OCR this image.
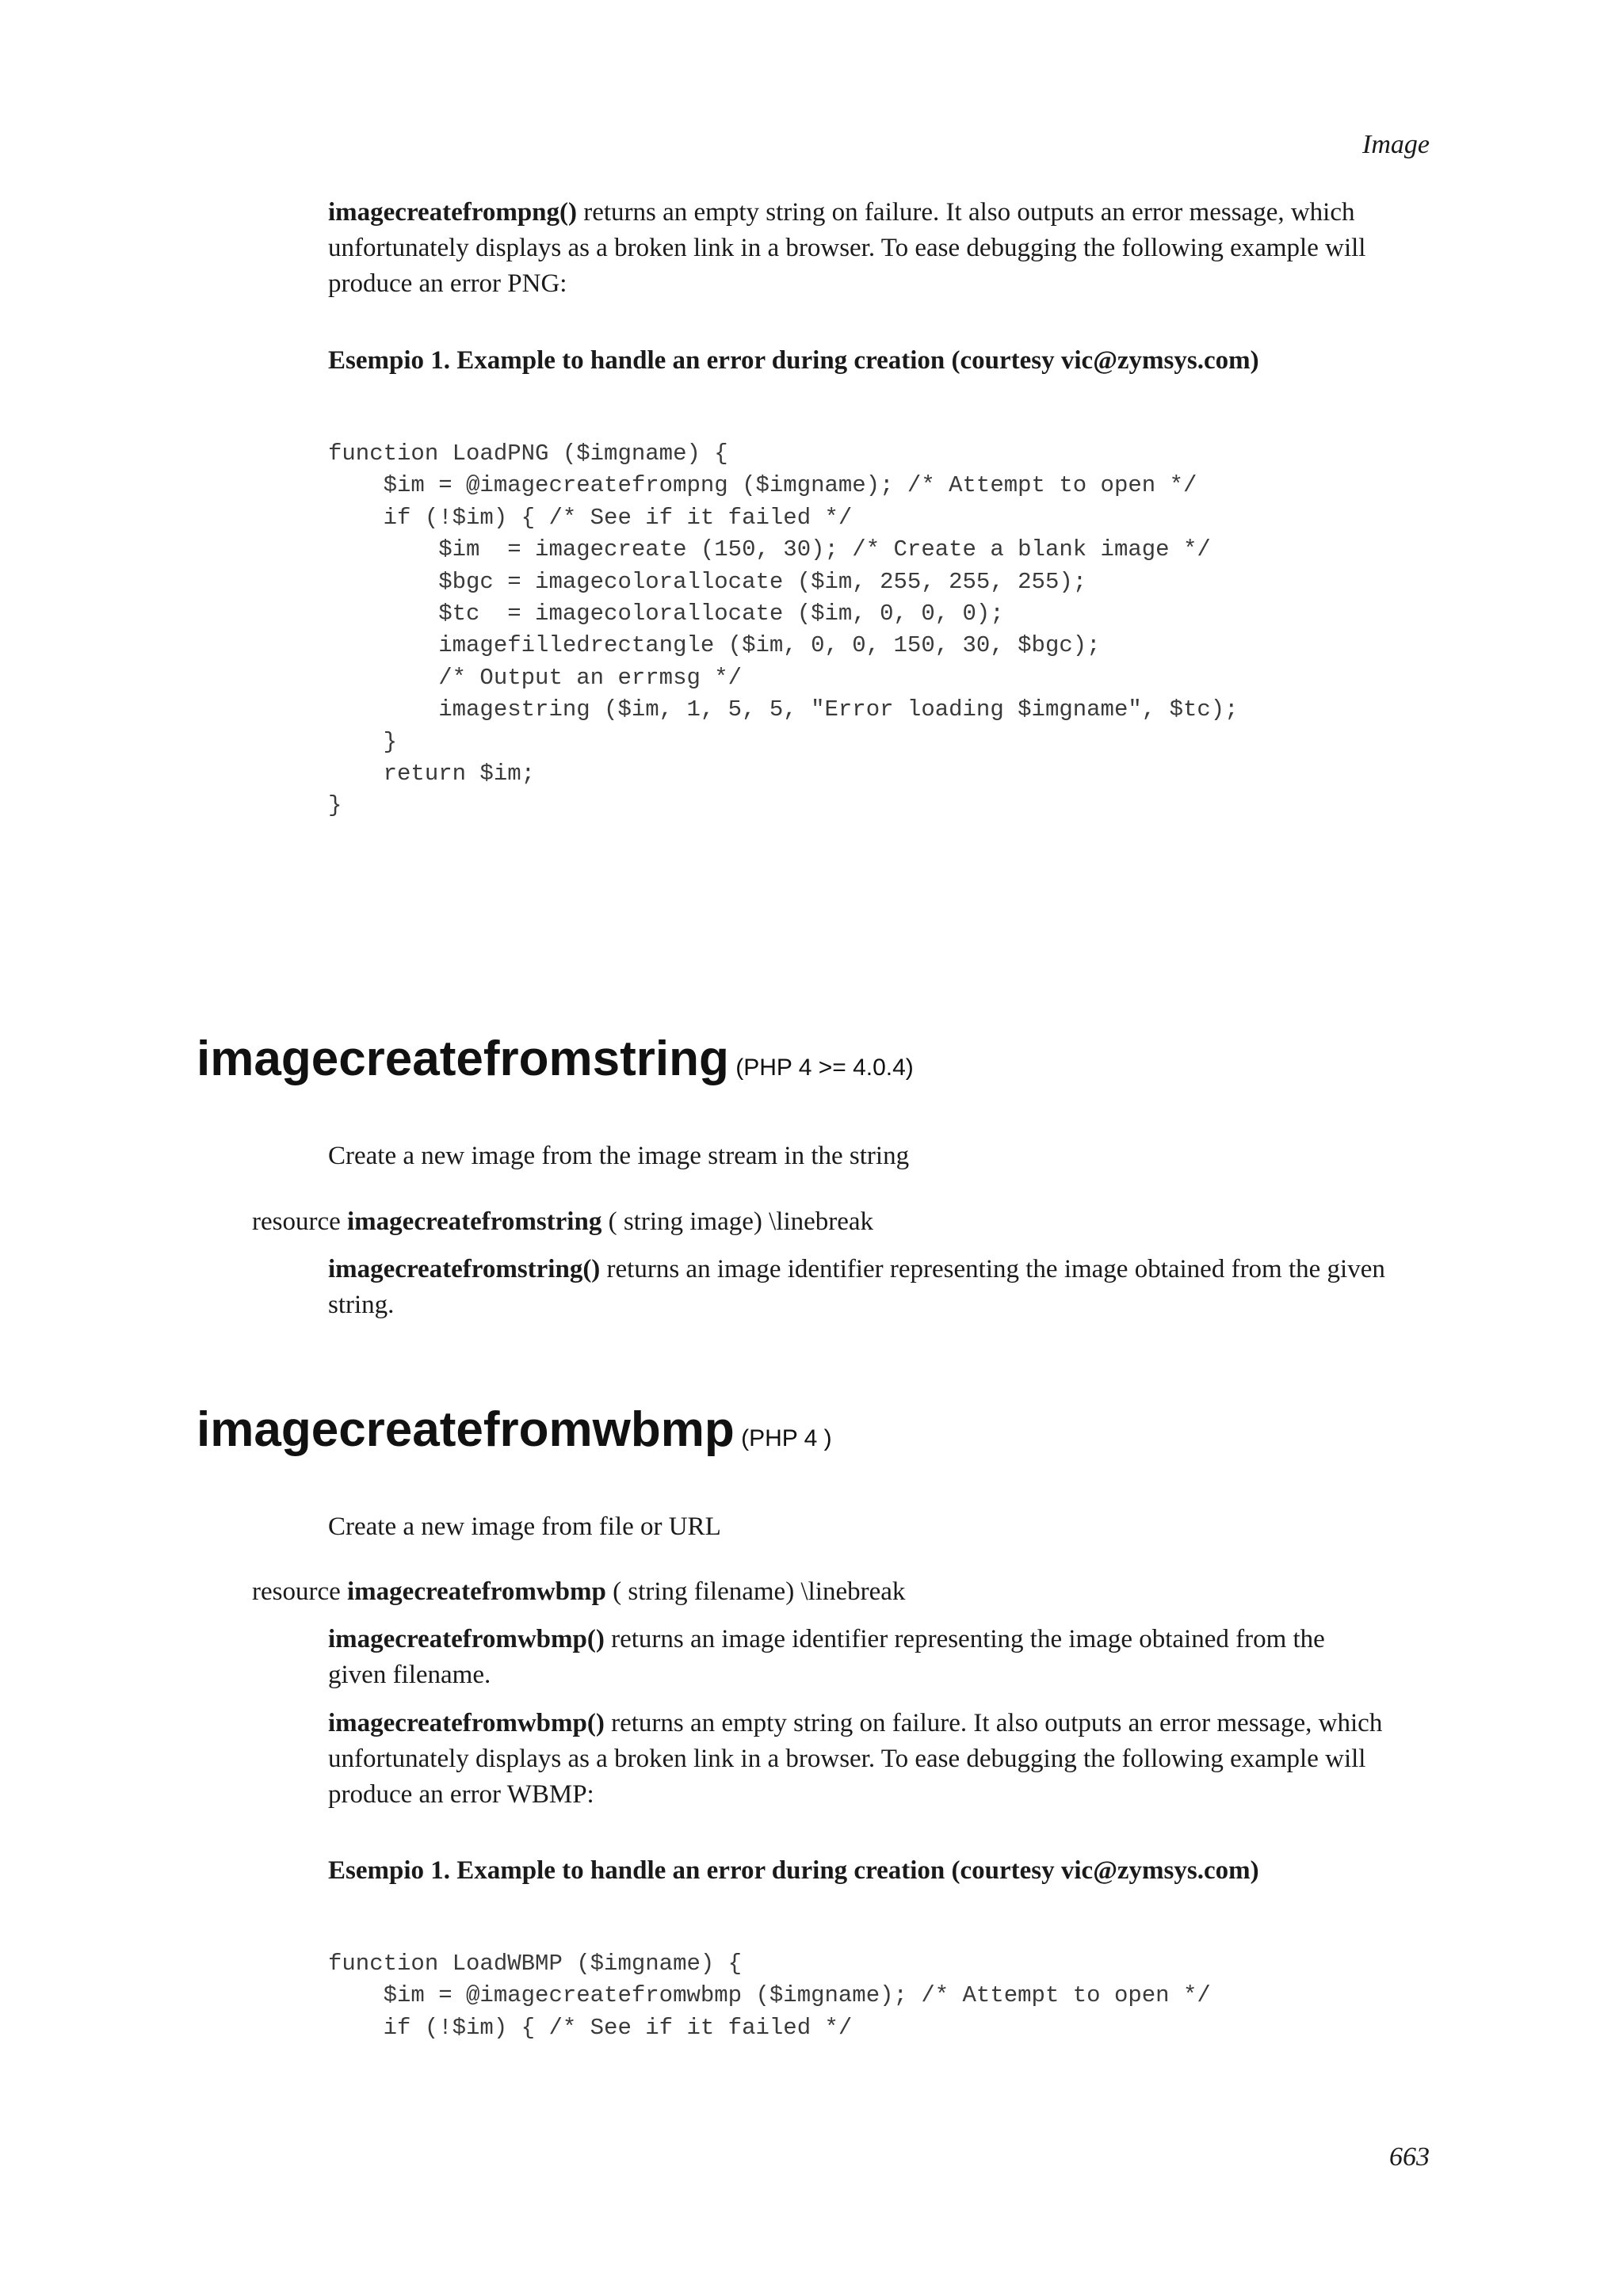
Image
imagecreatefrompng() returns an empty string on failure. It also outputs an error message, which
unfortunately displays as a broken link in a browser. To ease debugging the following example will
produce an error PNG:
Esempio 1. Example to handle an error during creation (courtesy vic@zymsys.com)
function LoadPNG ($imgname) {
$im = @imagecreatefrompng ($imgname); /* Attempt to open */
if (!$im) { /* See if it failed */
$im  = imagecreate (150, 30); /* Create a blank image */
$bgc = imagecolorallocate ($im, 255, 255, 255);
$tc  = imagecolorallocate ($im, 0, 0, 0);
imagefilledrectangle ($im, 0, 0, 150, 30, $bgc);
/* Output an errmsg */
imagestring ($im, 1, 5, 5, "Error loading $imgname", $tc);
}
return $im;
}
imagecreatefromstring (PHP 4 >= 4.0.4)
Create a new image from the image stream in the string
resource imagecreatefromstring ( string image) \linebreak
imagecreatefromstring() returns an image identifier representing the image obtained from the given
string.
imagecreatefromwbmp (PHP 4 )
Create a new image from file or URL
resource imagecreatefromwbmp ( string filename) \linebreak
imagecreatefromwbmp() returns an image identifier representing the image obtained from the
given filename.
imagecreatefromwbmp() returns an empty string on failure. It also outputs an error message, which
unfortunately displays as a broken link in a browser. To ease debugging the following example will
produce an error WBMP:
Esempio 1. Example to handle an error during creation (courtesy vic@zymsys.com)
function LoadWBMP ($imgname) {
$im = @imagecreatefromwbmp ($imgname); /* Attempt to open */
if (!$im) { /* See if it failed */
663
